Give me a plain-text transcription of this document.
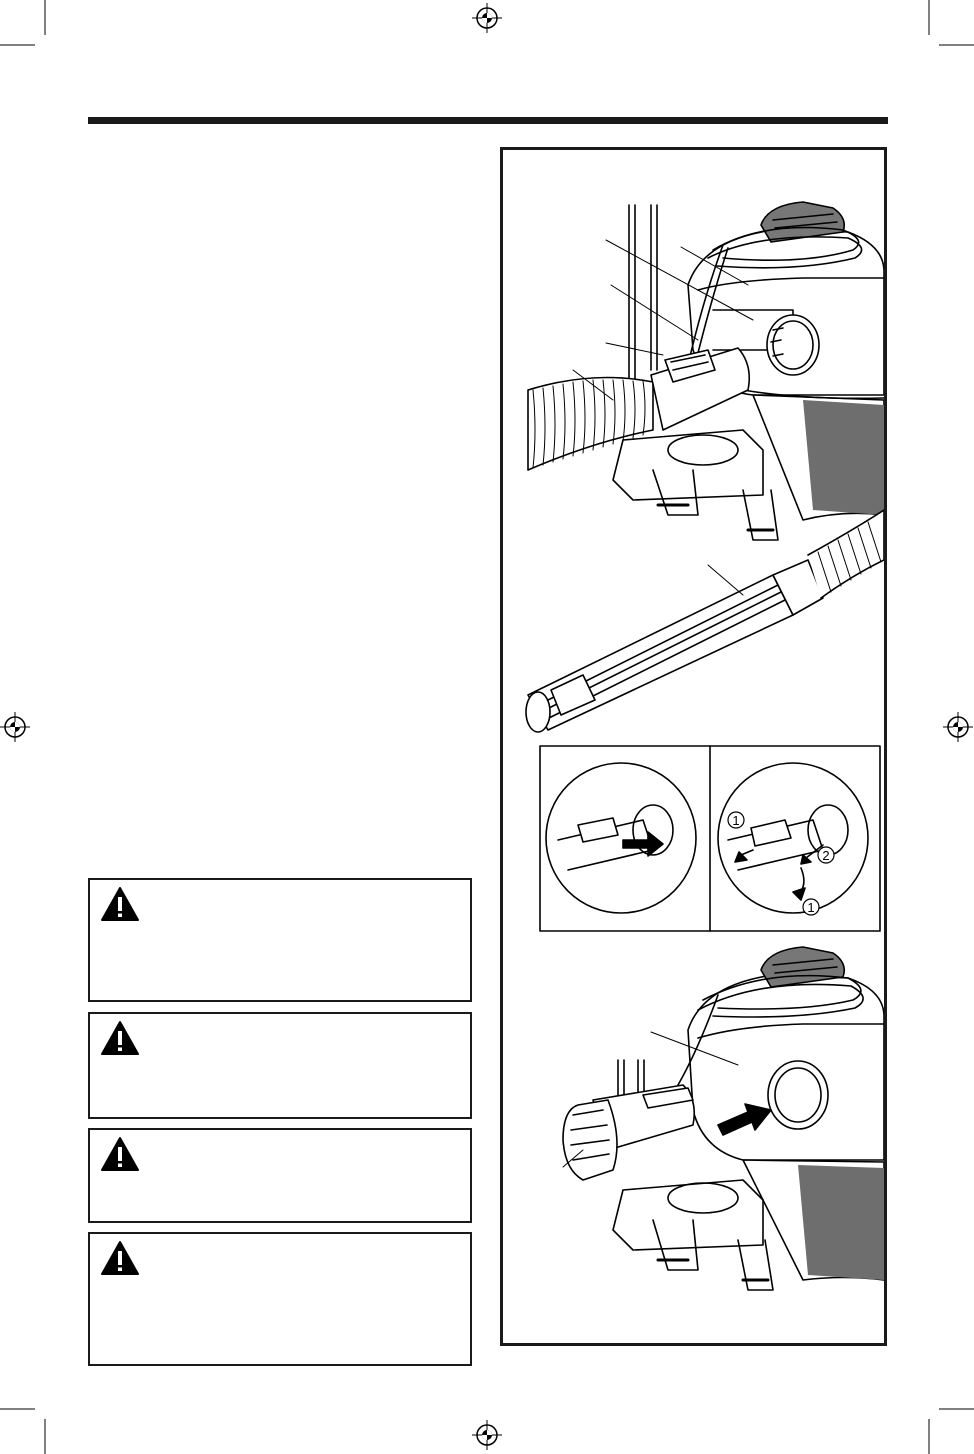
1
2
1
